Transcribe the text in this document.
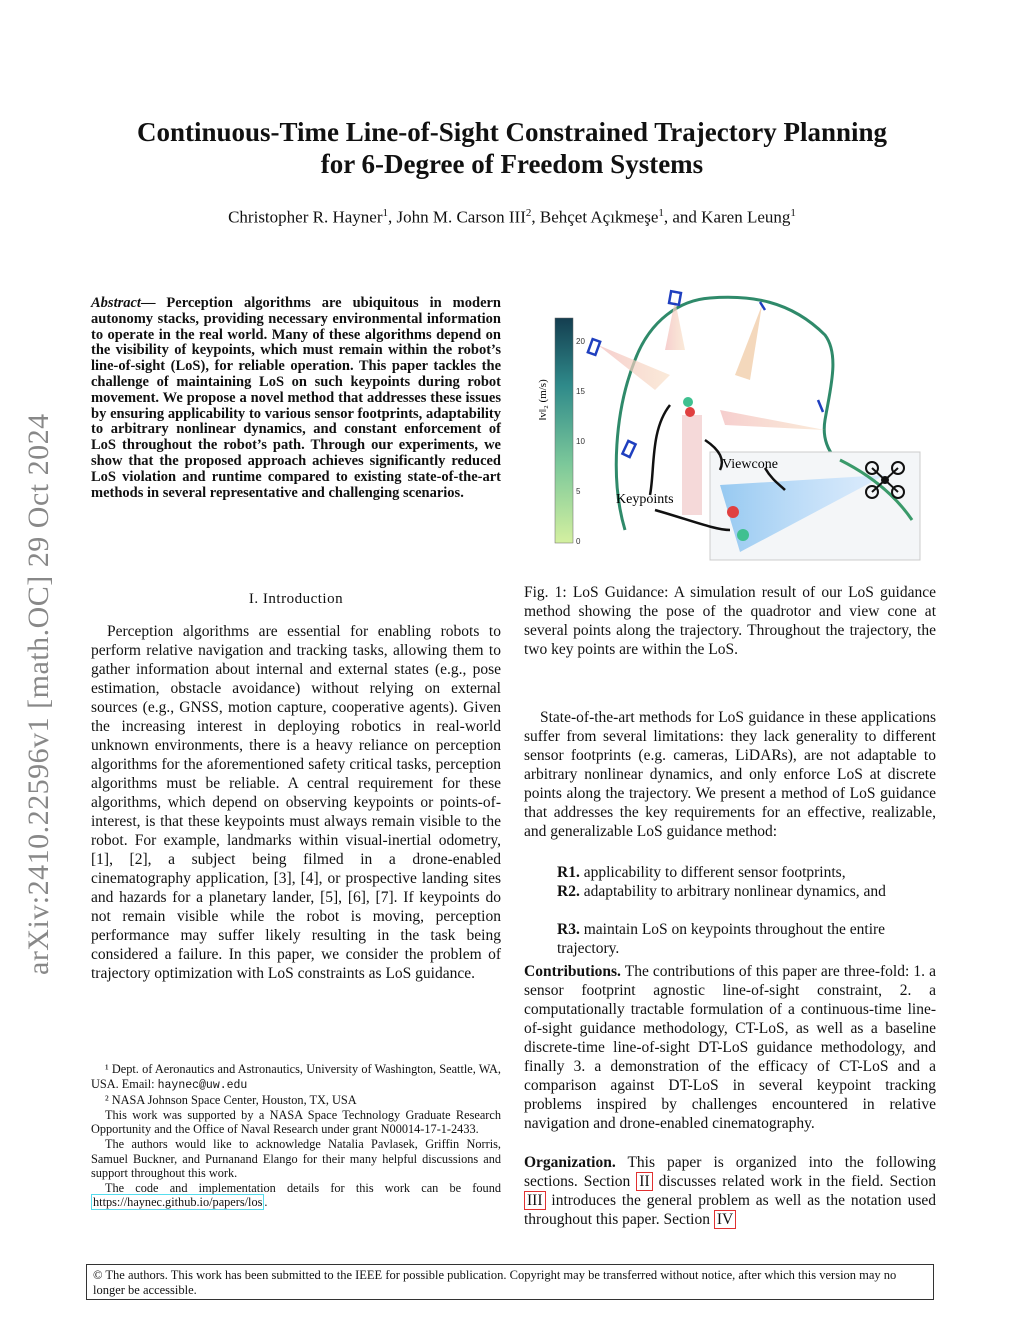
arXiv:2410.22596v1 [math.OC] 29 Oct 2024
Continuous-Time Line-of-Sight Constrained Trajectory Planning
for 6-Degree of Freedom Systems
Christopher R. Hayner$^1$, John M. Carson III$^2$, Behçet Açıkmeşe$^1$, and Karen Leung$^1$
Abstract— Perception algorithms are ubiquitous in modern autonomy stacks, providing necessary environmental information to operate in the real world. Many of these algorithms depend on the visibility of keypoints, which must remain within the robot’s line-of-sight (LoS), for reliable operation. This paper tackles the challenge of maintaining LoS on such keypoints during robot movement. We propose a novel method that addresses these issues by ensuring applicability to various sensor footprints, adaptability to arbitrary nonlinear dynamics, and constant enforcement of LoS throughout the robot’s path. Through our experiments, we show that the proposed approach achieves significantly reduced LoS violation and runtime compared to existing state-of-the-art methods in several representative and challenging scenarios.
I. Introduction
Perception algorithms are essential for enabling robots to perform relative navigation and tracking tasks, allowing them to gather information about internal and external states (e.g., pose estimation, obstacle avoidance) without relying on external sources (e.g., GNSS, motion capture, cooperative agents). Given the increasing interest in deploying robotics in real-world unknown environments, there is a heavy reliance on perception algorithms for the aforementioned safety critical tasks, perception algorithms must be reliable. A central requirement for these algorithms, which depend on observing keypoints or points-of-interest, is that these keypoints must always remain visible to the robot. For example, landmarks within visual-inertial odometry, [1], [2], a subject being filmed in a drone-enabled cinematography application, [3], [4], or prospective landing sites and hazards for a planetary lander, [5], [6], [7]. If keypoints do not remain visible while the robot is moving, perception performance may suffer likely resulting in the task being considered a failure. In this paper, we consider the problem of trajectory optimization with LoS constraints as LoS guidance.

¹ Dept. of Aeronautics and Astronautics, University of Washington, Seattle, WA, USA. Email: haynec@uw.edu

² NASA Johnson Space Center, Houston, TX, USA

This work was supported by a NASA Space Technology Graduate Research Opportunity and the Office of Naval Research under grant N00014-17-1-2433.

The authors would like to acknowledge Natalia Pavlasek, Griffin Norris, Samuel Buckner, and Purnanand Elango for their many helpful discussions and support throughout this work.

The code and implementation details for this work can be found https://haynec.github.io/papers/los .

‖v‖₂ (m/s)
20
15
10
5
0
Viewcone
Keypoints
Fig. 1: LoS Guidance: A simulation result of our LoS guidance method showing the pose of the quadrotor and view cone at several points along the trajectory. Throughout the trajectory, the two key points are within the LoS.
State-of-the-art methods for LoS guidance in these applications suffer from several limitations: they lack generality to different sensor footprints (e.g. cameras, LiDARs), are not adaptable to arbitrary nonlinear dynamics, and only enforce LoS at discrete points along the trajectory. We present a method of LoS guidance that addresses the key requirements for an effective, realizable, and generalizable LoS guidance method:
R1. applicability to different sensor footprints,
R2. adaptability to arbitrary nonlinear dynamics, and
R3. maintain LoS on keypoints throughout the entire trajectory.
Contributions. The contributions of this paper are three-fold: 1. a sensor footprint agnostic line-of-sight constraint, 2. a computationally tractable formulation of a continuous-time line-of-sight guidance methodology, CT-LoS, as well as a baseline discrete-time line-of-sight DT-LoS guidance methodology, and finally 3. a demonstration of the efficacy of CT-LoS and a comparison against DT-LoS in several keypoint tracking problems inspired by challenges encountered in relative navigation and drone-enabled cinematography.
Organization. This paper is organized into the following sections. Section II discusses related work in the field. Section III introduces the general problem as well as the notation used throughout this paper. Section IV
© The authors. This work has been submitted to the IEEE for possible publication. Copyright may be transferred without notice, after which this version may no longer be accessible.
